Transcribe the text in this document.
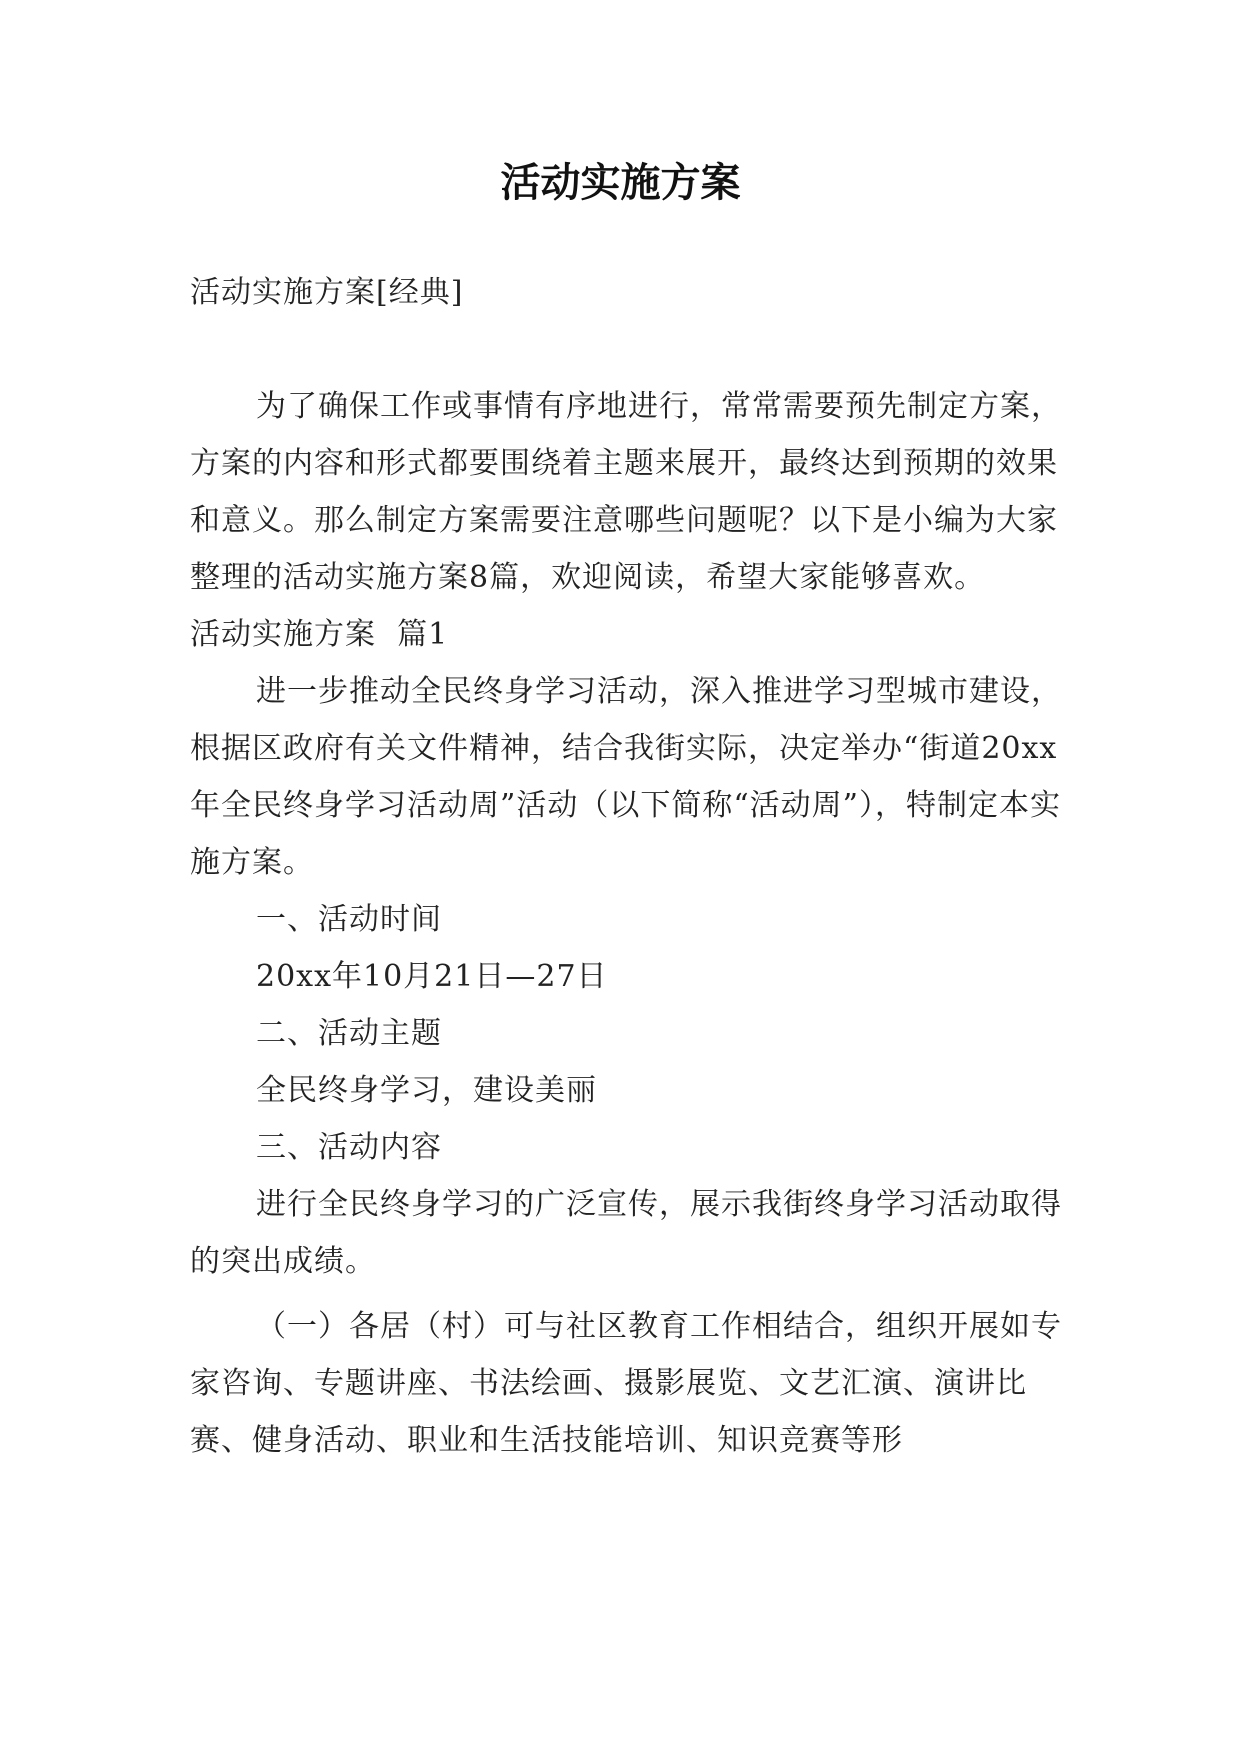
活动实施方案

活动实施方案[经典]

为了确保工作或事情有序地进行，常常需要预先制定方案，方案的内容和形式都要围绕着主题来展开，最终达到预期的效果和意义。那么制定方案需要注意哪些问题呢？以下是小编为大家整理的活动实施方案8篇，欢迎阅读，希望大家能够喜欢。

活动实施方案  篇1

进一步推动全民终身学习活动，深入推进学习型城市建设，根据区政府有关文件精神，结合我街实际，决定举办“街道20xx年全民终身学习活动周”活动（以下简称“活动周”），特制定本实施方案。

一、活动时间

20xx年10月21日—27日

二、活动主题

全民终身学习，建设美丽

三、活动内容

进行全民终身学习的广泛宣传，展示我街终身学习活动取得的突出成绩。

（一）各居（村）可与社区教育工作相结合，组织开展如专家咨询、专题讲座、书法绘画、摄影展览、文艺汇演、演讲比赛、健身活动、职业和生活技能培训、知识竞赛等形
